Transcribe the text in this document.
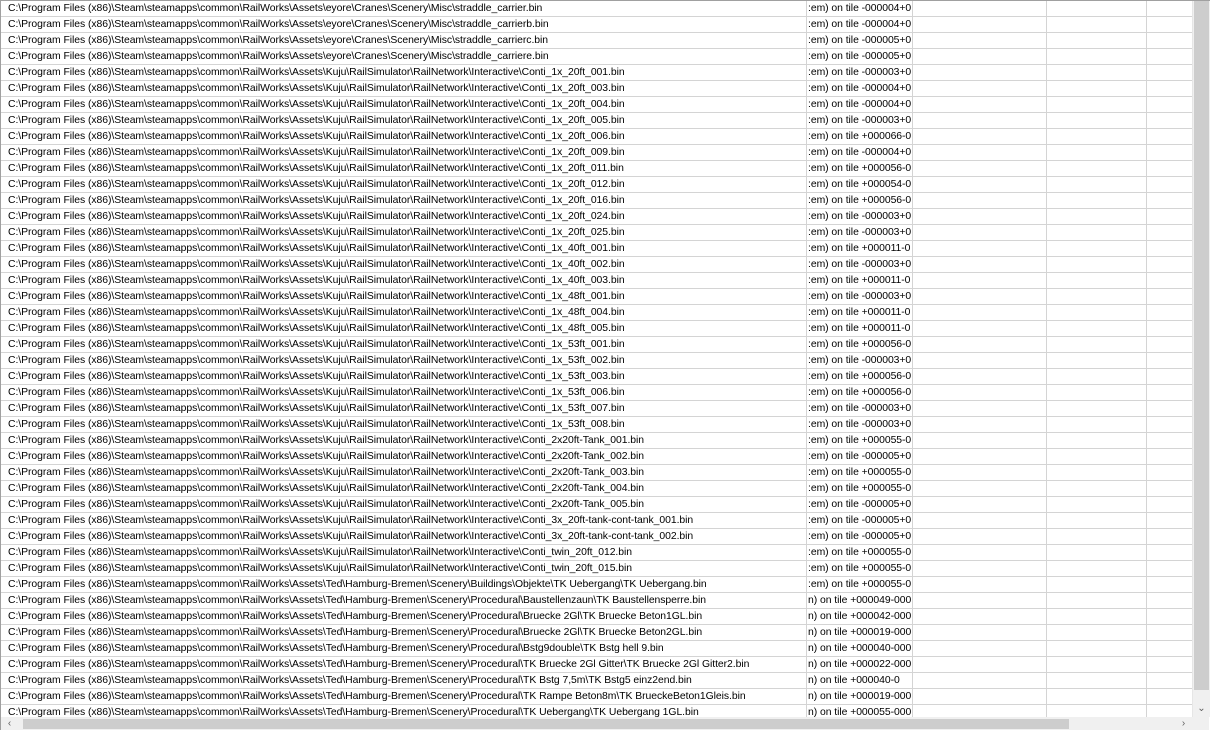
C:\Program Files (x86)\Steam\steamapps\common\RailWorks\Assets\eyore\Cranes\Scenery\Misc\straddle_carrier.bin	:em) on tile -000004+0
C:\Program Files (x86)\Steam\steamapps\common\RailWorks\Assets\eyore\Cranes\Scenery\Misc\straddle_carrierb.bin	:em) on tile -000004+0
C:\Program Files (x86)\Steam\steamapps\common\RailWorks\Assets\eyore\Cranes\Scenery\Misc\straddle_carrierc.bin	:em) on tile -000005+0
C:\Program Files (x86)\Steam\steamapps\common\RailWorks\Assets\eyore\Cranes\Scenery\Misc\straddle_carriere.bin	:em) on tile -000005+0
C:\Program Files (x86)\Steam\steamapps\common\RailWorks\Assets\Kuju\RailSimulator\RailNetwork\Interactive\Conti_1x_20ft_001.bin	:em) on tile -000003+0
C:\Program Files (x86)\Steam\steamapps\common\RailWorks\Assets\Kuju\RailSimulator\RailNetwork\Interactive\Conti_1x_20ft_003.bin	:em) on tile -000004+0
C:\Program Files (x86)\Steam\steamapps\common\RailWorks\Assets\Kuju\RailSimulator\RailNetwork\Interactive\Conti_1x_20ft_004.bin	:em) on tile -000004+0
C:\Program Files (x86)\Steam\steamapps\common\RailWorks\Assets\Kuju\RailSimulator\RailNetwork\Interactive\Conti_1x_20ft_005.bin	:em) on tile -000003+0
C:\Program Files (x86)\Steam\steamapps\common\RailWorks\Assets\Kuju\RailSimulator\RailNetwork\Interactive\Conti_1x_20ft_006.bin	:em) on tile +000066-0
C:\Program Files (x86)\Steam\steamapps\common\RailWorks\Assets\Kuju\RailSimulator\RailNetwork\Interactive\Conti_1x_20ft_009.bin	:em) on tile -000004+0
C:\Program Files (x86)\Steam\steamapps\common\RailWorks\Assets\Kuju\RailSimulator\RailNetwork\Interactive\Conti_1x_20ft_011.bin	:em) on tile +000056-0
C:\Program Files (x86)\Steam\steamapps\common\RailWorks\Assets\Kuju\RailSimulator\RailNetwork\Interactive\Conti_1x_20ft_012.bin	:em) on tile +000054-0
C:\Program Files (x86)\Steam\steamapps\common\RailWorks\Assets\Kuju\RailSimulator\RailNetwork\Interactive\Conti_1x_20ft_016.bin	:em) on tile +000056-0
C:\Program Files (x86)\Steam\steamapps\common\RailWorks\Assets\Kuju\RailSimulator\RailNetwork\Interactive\Conti_1x_20ft_024.bin	:em) on tile -000003+0
C:\Program Files (x86)\Steam\steamapps\common\RailWorks\Assets\Kuju\RailSimulator\RailNetwork\Interactive\Conti_1x_20ft_025.bin	:em) on tile -000003+0
C:\Program Files (x86)\Steam\steamapps\common\RailWorks\Assets\Kuju\RailSimulator\RailNetwork\Interactive\Conti_1x_40ft_001.bin	:em) on tile +000011-0
C:\Program Files (x86)\Steam\steamapps\common\RailWorks\Assets\Kuju\RailSimulator\RailNetwork\Interactive\Conti_1x_40ft_002.bin	:em) on tile -000003+0
C:\Program Files (x86)\Steam\steamapps\common\RailWorks\Assets\Kuju\RailSimulator\RailNetwork\Interactive\Conti_1x_40ft_003.bin	:em) on tile +000011-0
C:\Program Files (x86)\Steam\steamapps\common\RailWorks\Assets\Kuju\RailSimulator\RailNetwork\Interactive\Conti_1x_48ft_001.bin	:em) on tile -000003+0
C:\Program Files (x86)\Steam\steamapps\common\RailWorks\Assets\Kuju\RailSimulator\RailNetwork\Interactive\Conti_1x_48ft_004.bin	:em) on tile +000011-0
C:\Program Files (x86)\Steam\steamapps\common\RailWorks\Assets\Kuju\RailSimulator\RailNetwork\Interactive\Conti_1x_48ft_005.bin	:em) on tile +000011-0
C:\Program Files (x86)\Steam\steamapps\common\RailWorks\Assets\Kuju\RailSimulator\RailNetwork\Interactive\Conti_1x_53ft_001.bin	:em) on tile +000056-0
C:\Program Files (x86)\Steam\steamapps\common\RailWorks\Assets\Kuju\RailSimulator\RailNetwork\Interactive\Conti_1x_53ft_002.bin	:em) on tile -000003+0
C:\Program Files (x86)\Steam\steamapps\common\RailWorks\Assets\Kuju\RailSimulator\RailNetwork\Interactive\Conti_1x_53ft_003.bin	:em) on tile +000056-0
C:\Program Files (x86)\Steam\steamapps\common\RailWorks\Assets\Kuju\RailSimulator\RailNetwork\Interactive\Conti_1x_53ft_006.bin	:em) on tile +000056-0
C:\Program Files (x86)\Steam\steamapps\common\RailWorks\Assets\Kuju\RailSimulator\RailNetwork\Interactive\Conti_1x_53ft_007.bin	:em) on tile -000003+0
C:\Program Files (x86)\Steam\steamapps\common\RailWorks\Assets\Kuju\RailSimulator\RailNetwork\Interactive\Conti_1x_53ft_008.bin	:em) on tile -000003+0
C:\Program Files (x86)\Steam\steamapps\common\RailWorks\Assets\Kuju\RailSimulator\RailNetwork\Interactive\Conti_2x20ft-Tank_001.bin	:em) on tile +000055-0
C:\Program Files (x86)\Steam\steamapps\common\RailWorks\Assets\Kuju\RailSimulator\RailNetwork\Interactive\Conti_2x20ft-Tank_002.bin	:em) on tile -000005+0
C:\Program Files (x86)\Steam\steamapps\common\RailWorks\Assets\Kuju\RailSimulator\RailNetwork\Interactive\Conti_2x20ft-Tank_003.bin	:em) on tile +000055-0
C:\Program Files (x86)\Steam\steamapps\common\RailWorks\Assets\Kuju\RailSimulator\RailNetwork\Interactive\Conti_2x20ft-Tank_004.bin	:em) on tile +000055-0
C:\Program Files (x86)\Steam\steamapps\common\RailWorks\Assets\Kuju\RailSimulator\RailNetwork\Interactive\Conti_2x20ft-Tank_005.bin	:em) on tile -000005+0
C:\Program Files (x86)\Steam\steamapps\common\RailWorks\Assets\Kuju\RailSimulator\RailNetwork\Interactive\Conti_3x_20ft-tank-cont-tank_001.bin	:em) on tile -000005+0
C:\Program Files (x86)\Steam\steamapps\common\RailWorks\Assets\Kuju\RailSimulator\RailNetwork\Interactive\Conti_3x_20ft-tank-cont-tank_002.bin	:em) on tile -000005+0
C:\Program Files (x86)\Steam\steamapps\common\RailWorks\Assets\Kuju\RailSimulator\RailNetwork\Interactive\Conti_twin_20ft_012.bin	:em) on tile +000055-0
C:\Program Files (x86)\Steam\steamapps\common\RailWorks\Assets\Kuju\RailSimulator\RailNetwork\Interactive\Conti_twin_20ft_015.bin	:em) on tile +000055-0
C:\Program Files (x86)\Steam\steamapps\common\RailWorks\Assets\Ted\Hamburg-Bremen\Scenery\Buildings\Objekte\TK Uebergang\TK Uebergang.bin	:em) on tile +000055-0
C:\Program Files (x86)\Steam\steamapps\common\RailWorks\Assets\Ted\Hamburg-Bremen\Scenery\Procedural\Baustellenzaun\TK Baustellensperre.bin	n) on tile +000049-000
C:\Program Files (x86)\Steam\steamapps\common\RailWorks\Assets\Ted\Hamburg-Bremen\Scenery\Procedural\Bruecke 2Gl\TK Bruecke Beton1GL.bin	n) on tile +000042-000
C:\Program Files (x86)\Steam\steamapps\common\RailWorks\Assets\Ted\Hamburg-Bremen\Scenery\Procedural\Bruecke 2Gl\TK Bruecke Beton2GL.bin	n) on tile +000019-000
C:\Program Files (x86)\Steam\steamapps\common\RailWorks\Assets\Ted\Hamburg-Bremen\Scenery\Procedural\Bstg9double\TK Bstg hell 9.bin	n) on tile +000040-000
C:\Program Files (x86)\Steam\steamapps\common\RailWorks\Assets\Ted\Hamburg-Bremen\Scenery\Procedural\TK Bruecke 2Gl Gitter\TK Bruecke 2Gl Gitter2.bin	n) on tile +000022-000
C:\Program Files (x86)\Steam\steamapps\common\RailWorks\Assets\Ted\Hamburg-Bremen\Scenery\Procedural\TK Bstg 7,5m\TK Bstg5 einz2end.bin	n) on tile +000040-0
C:\Program Files (x86)\Steam\steamapps\common\RailWorks\Assets\Ted\Hamburg-Bremen\Scenery\Procedural\TK Rampe Beton8m\TK BrueckeBeton1Gleis.bin	n) on tile +000019-000
C:\Program Files (x86)\Steam\steamapps\common\RailWorks\Assets\Ted\Hamburg-Bremen\Scenery\Procedural\TK Uebergang\TK Uebergang 1GL.bin	n) on tile +000055-000	⌄
‹	›
